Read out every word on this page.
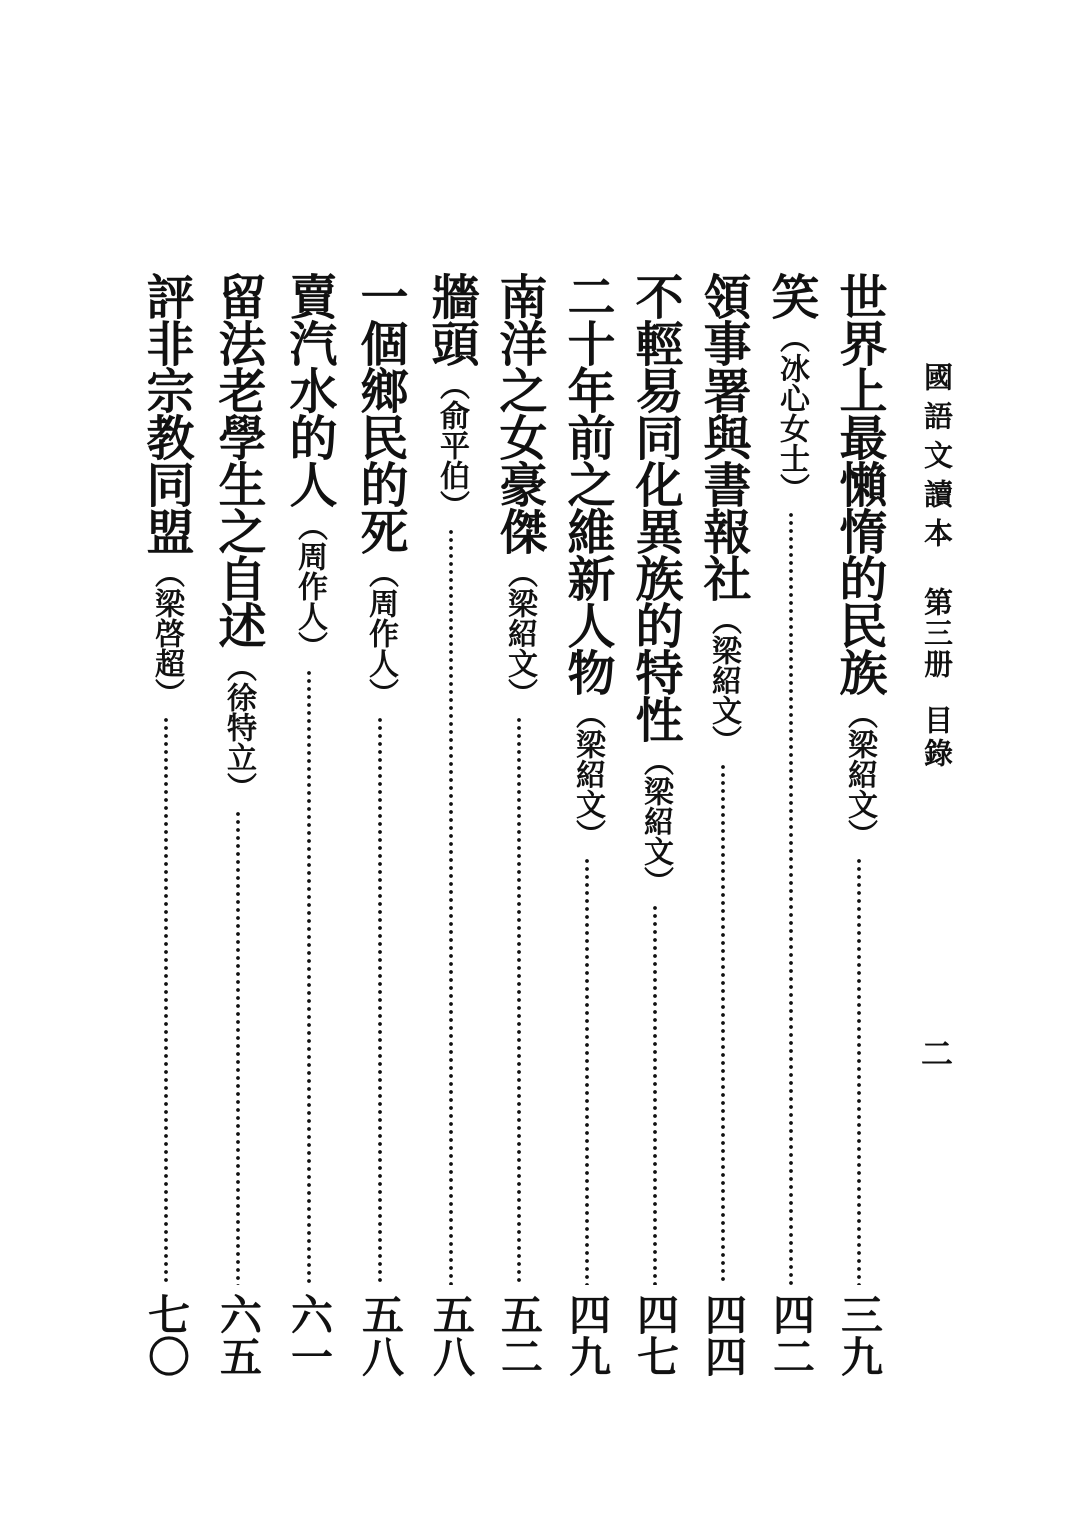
國語文讀本
第三册
目錄
二
世界上最懶惰的民族
（梁紹文）
三九
笑
（冰心女士）
四二
領事署與書報社
（梁紹文）
四四
不輕易同化異族的特性
（梁紹文）
四七
二十年前之維新人物
（梁紹文）
四九
南洋之女豪傑
（梁紹文）
五二
牆頭
（俞平伯）
五八
一個鄉民的死
（周作人）
五八
賣汽水的人
（周作人）
六一
留法老學生之自述
（徐特立）
六五
評非宗教同盟
（梁啓超）
七〇
